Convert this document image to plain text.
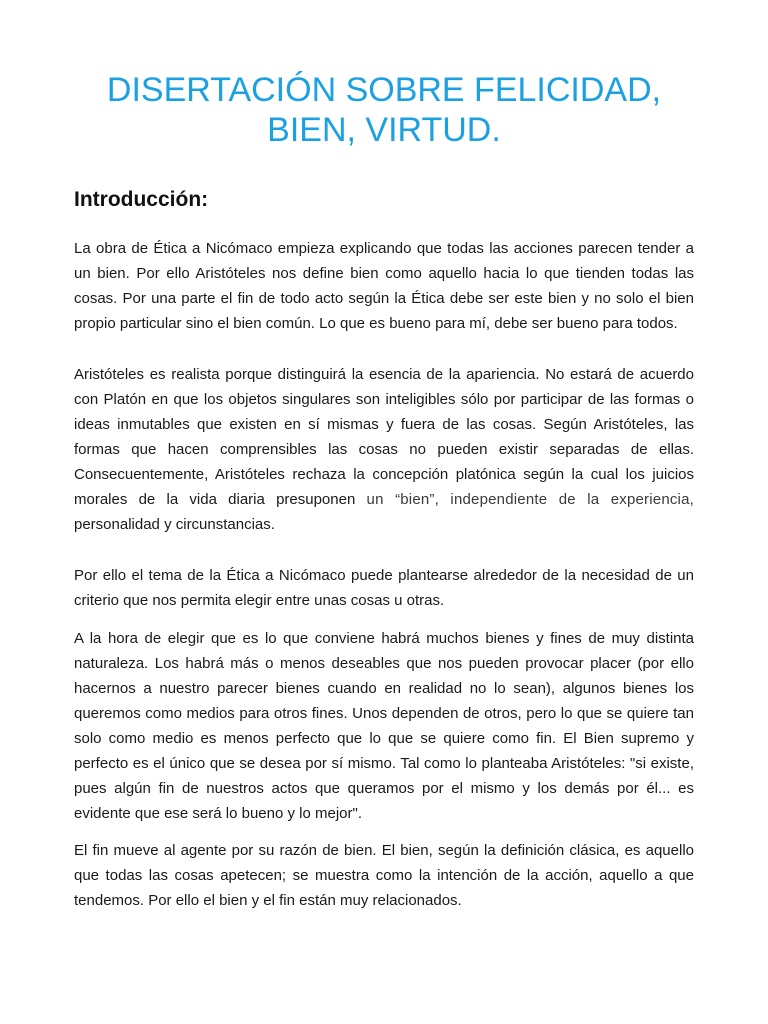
DISERTACIÓN SOBRE FELICIDAD,
BIEN, VIRTUD.
Introducción:

La obra de Ética a Nicómaco empieza explicando que todas las acciones parecen tender a un bien. Por ello Aristóteles nos define bien como aquello hacia lo que tienden todas las cosas. Por una parte el fin de todo acto según la Ética debe ser este bien y no solo el bien propio particular sino el bien común. Lo que es bueno para mí, debe ser bueno para todos.

Aristóteles es realista porque distinguirá la esencia de la apariencia. No estará de acuerdo con Platón en que los objetos singulares son inteligibles sólo por participar de las formas o ideas inmutables que existen en sí mismas y fuera de las cosas. Según Aristóteles, las formas que hacen comprensibles las cosas no pueden existir separadas de ellas. Consecuentemente, Aristóteles rechaza la concepción platónica según la cual los juicios morales de la vida diaria presuponen un “bien”, independiente de la experiencia, personalidad y circunstancias.

Por ello el tema de la Ética a Nicómaco puede plantearse alrededor de la necesidad de un criterio que nos permita elegir entre unas cosas u otras.

A la hora de elegir que es lo que conviene habrá muchos bienes y fines de muy distinta naturaleza. Los habrá más o menos deseables que nos pueden provocar placer (por ello hacernos a nuestro parecer bienes cuando en realidad no lo sean), algunos bienes los queremos como medios para otros fines. Unos dependen de otros, pero lo que se quiere tan solo como medio es menos perfecto que lo que se quiere como fin. El Bien supremo y perfecto es el único que se desea por sí mismo. Tal como lo planteaba Aristóteles: "si existe, pues algún fin de nuestros actos que queramos por el mismo y los demás por él... es evidente que ese será lo bueno y lo mejor".

El fin mueve al agente por su razón de bien. El bien, según la definición clásica, es aquello que todas las cosas apetecen; se muestra como la intención de la acción, aquello a que tendemos. Por ello el bien y el fin están muy relacionados.
